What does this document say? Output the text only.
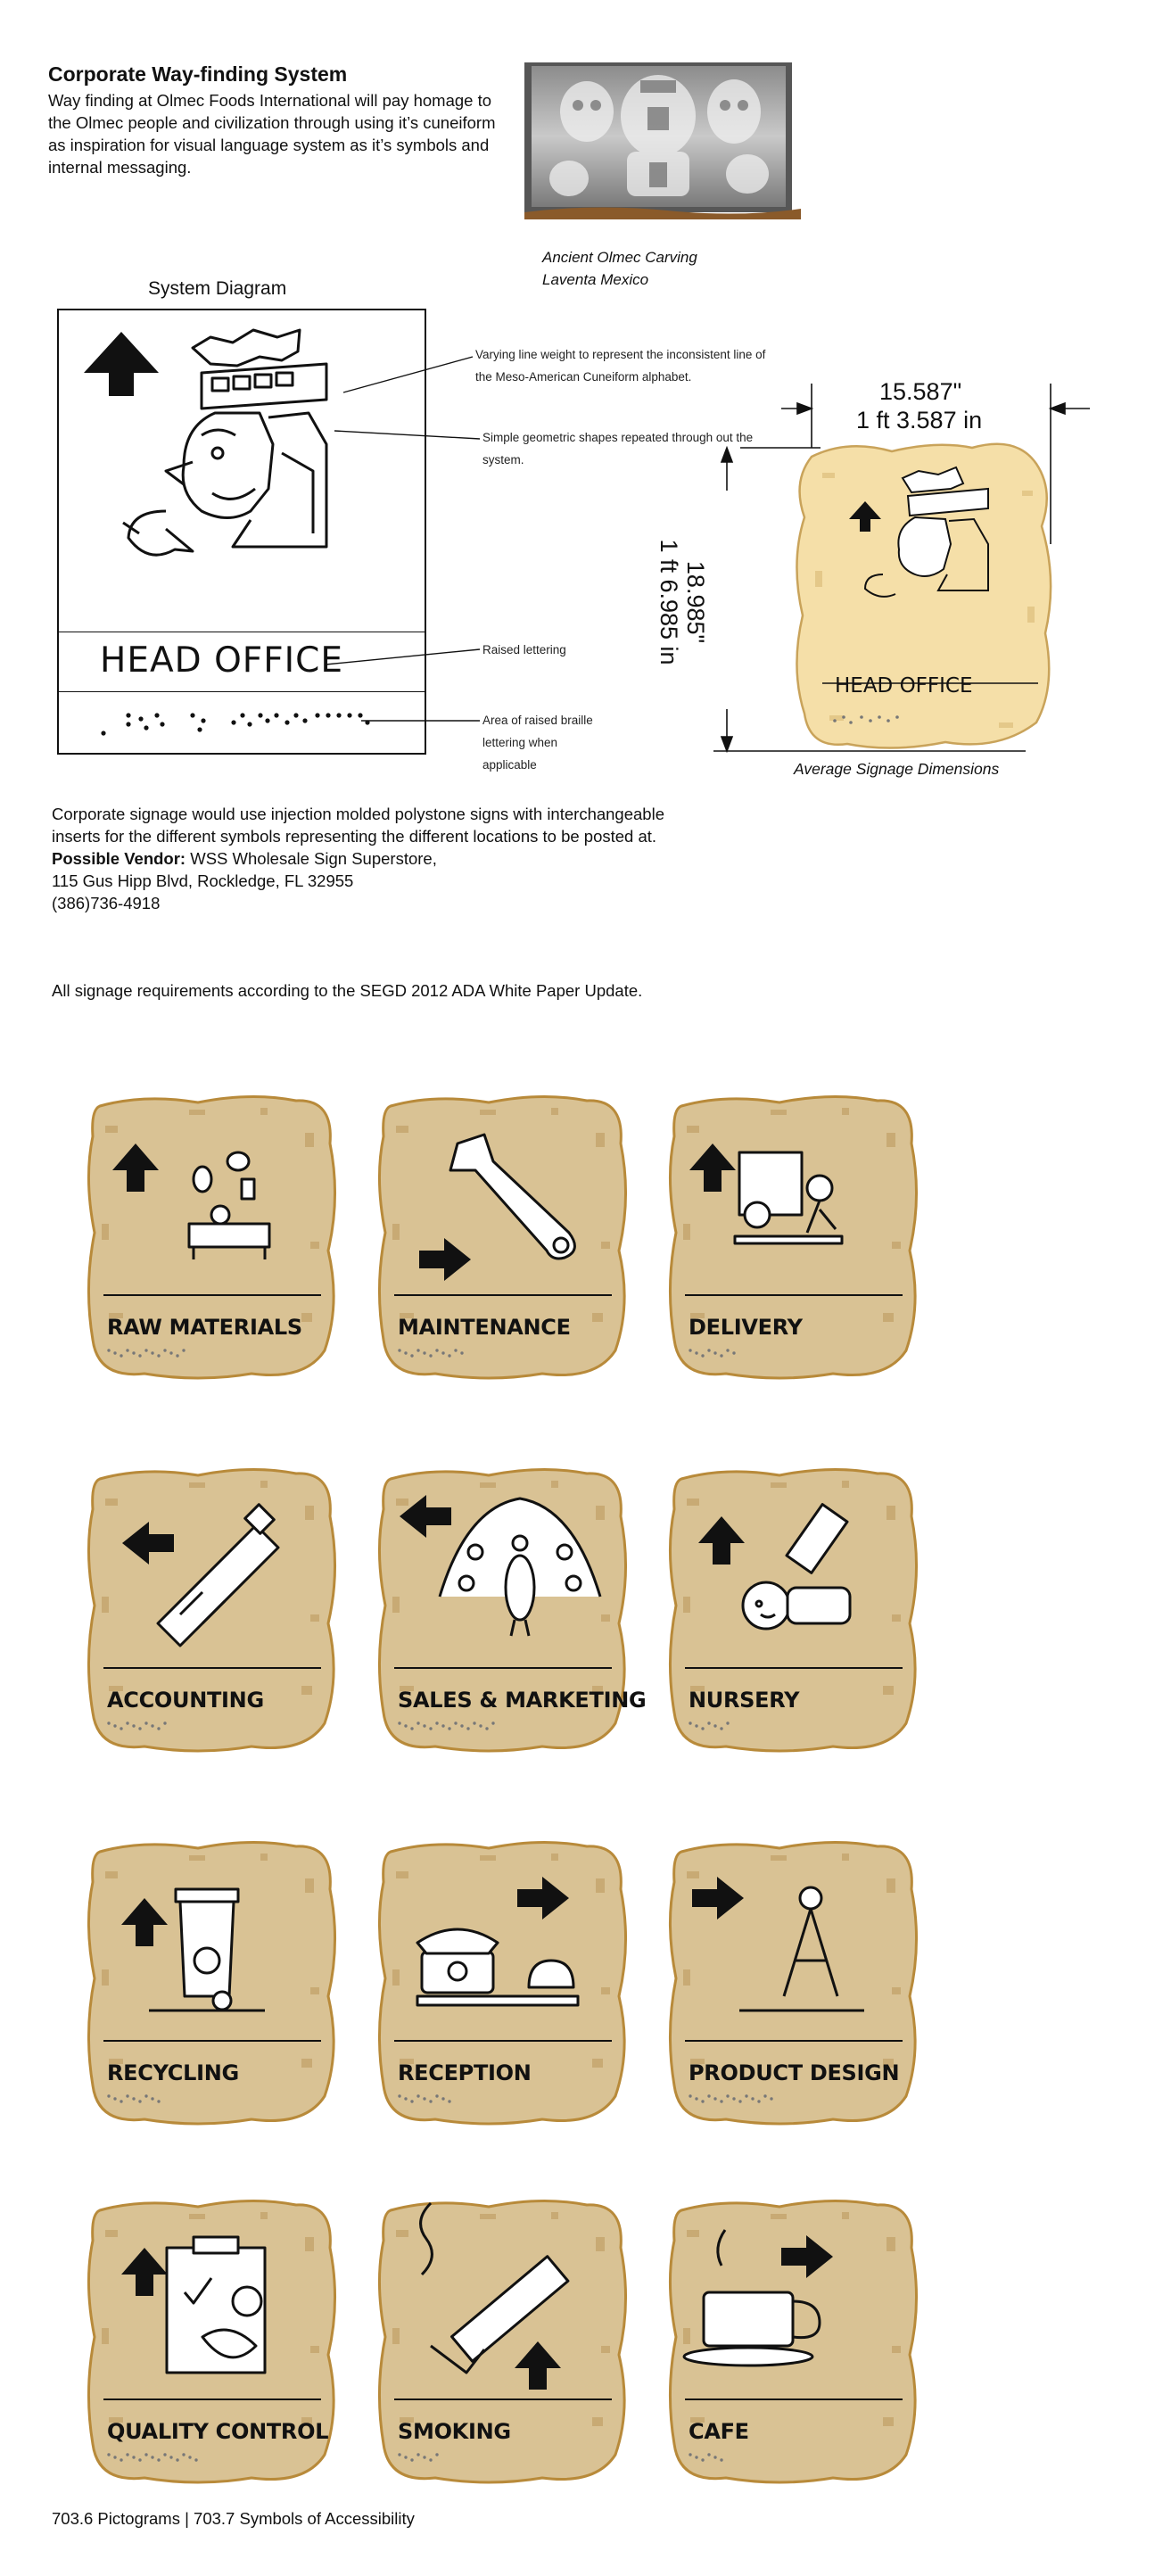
Corporate Way-finding System
Way finding at Olmec Foods International will pay homage to the Olmec people and civilization through using it’s cuneiform as inspiration for visual language system as it’s symbols and internal messaging.
Ancient Olmec Carving
Laventa Mexico
System Diagram
HEAD OFFICE
Varying line weight to represent the inconsistent line of the Meso-American Cuneiform alphabet.
Simple geometric shapes repeated through out the system.
Raised lettering
Area of raised braille lettering when applicable
HEAD OFFICE
15.587"
1 ft 3.587 in
18.985"
1 ft 6.985 in
Average Signage Dimensions
Corporate signage would use injection molded polystone signs with interchangeable inserts for the different symbols representing the different locations to be posted at.
Possible Vendor: WSS Wholesale Sign Superstore,
115 Gus Hipp Blvd, Rockledge, FL 32955
(386)736-4918
All signage requirements according to the SEGD 2012 ADA White Paper Update.
RAW MATERIALS	MAINTENANCE	DELIVERY
ACCOUNTING	SALES & MARKETING NURSERY
RECYCLING	RECEPTION	PRODUCT DESIGN
QUALITY CONTROL	SMOKING	CAFE
703.6 Pictograms | 703.7 Symbols of Accessibility
